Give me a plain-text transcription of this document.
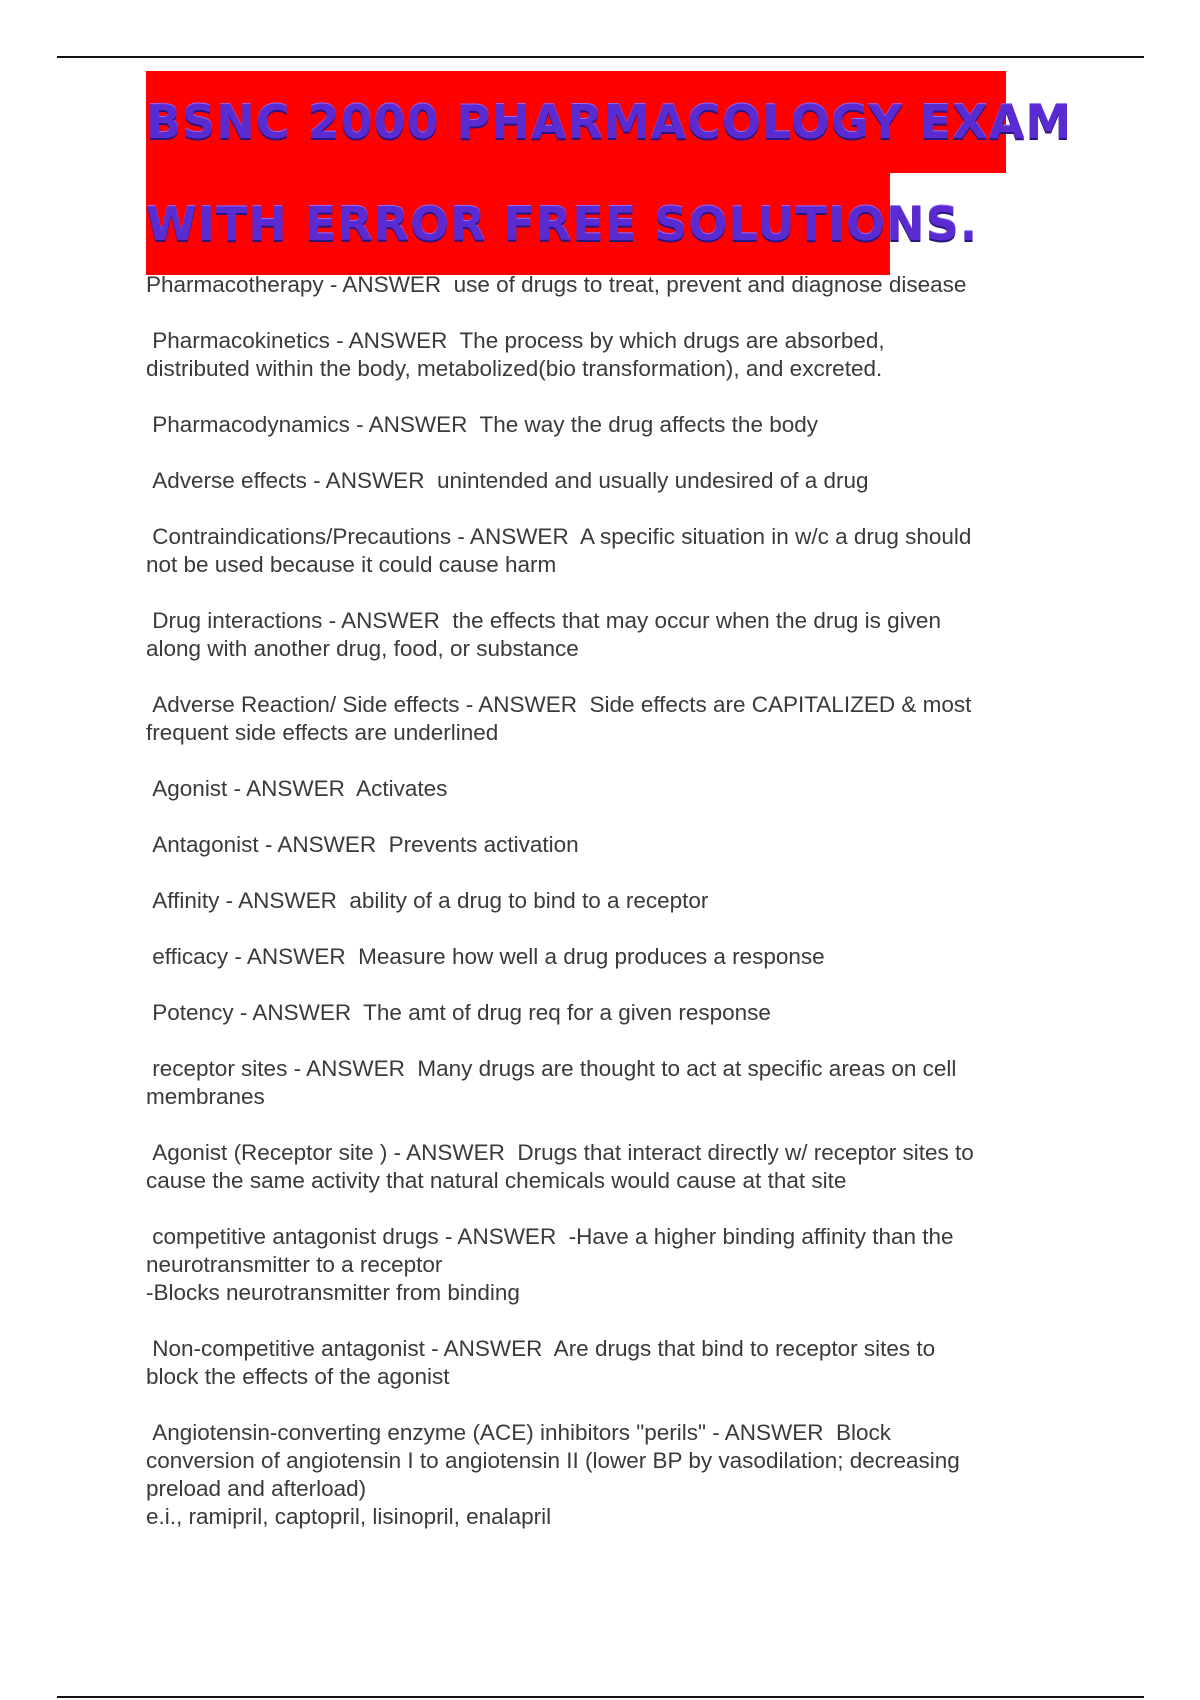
BSNC 2000 PHARMACOLOGY EXAM
WITH ERROR FREE SOLUTIONS.

Pharmacotherapy - ANSWER  use of drugs to treat, prevent and diagnose disease

Pharmacokinetics - ANSWER  The process by which drugs are absorbed,
distributed within the body, metabolized(bio transformation), and excreted.

Pharmacodynamics - ANSWER  The way the drug affects the body

Adverse effects - ANSWER  unintended and usually undesired of a drug

Contraindications/Precautions - ANSWER  A specific situation in w/c a drug should
not be used because it could cause harm

Drug interactions - ANSWER  the effects that may occur when the drug is given
along with another drug, food, or substance

Adverse Reaction/ Side effects - ANSWER  Side effects are CAPITALIZED & most
frequent side effects are underlined

Agonist - ANSWER  Activates

Antagonist - ANSWER  Prevents activation

Affinity - ANSWER  ability of a drug to bind to a receptor

efficacy - ANSWER  Measure how well a drug produces a response

Potency - ANSWER  The amt of drug req for a given response

receptor sites - ANSWER  Many drugs are thought to act at specific areas on cell
membranes

Agonist (Receptor site ) - ANSWER  Drugs that interact directly w/ receptor sites to
cause the same activity that natural chemicals would cause at that site

competitive antagonist drugs - ANSWER  -Have a higher binding affinity than the
neurotransmitter to a receptor
-Blocks neurotransmitter from binding

Non-competitive antagonist - ANSWER  Are drugs that bind to receptor sites to
block the effects of the agonist

Angiotensin-converting enzyme (ACE) inhibitors "perils" - ANSWER  Block
conversion of angiotensin I to angiotensin II (lower BP by vasodilation; decreasing
preload and afterload)
e.i., ramipril, captopril, lisinopril, enalapril
